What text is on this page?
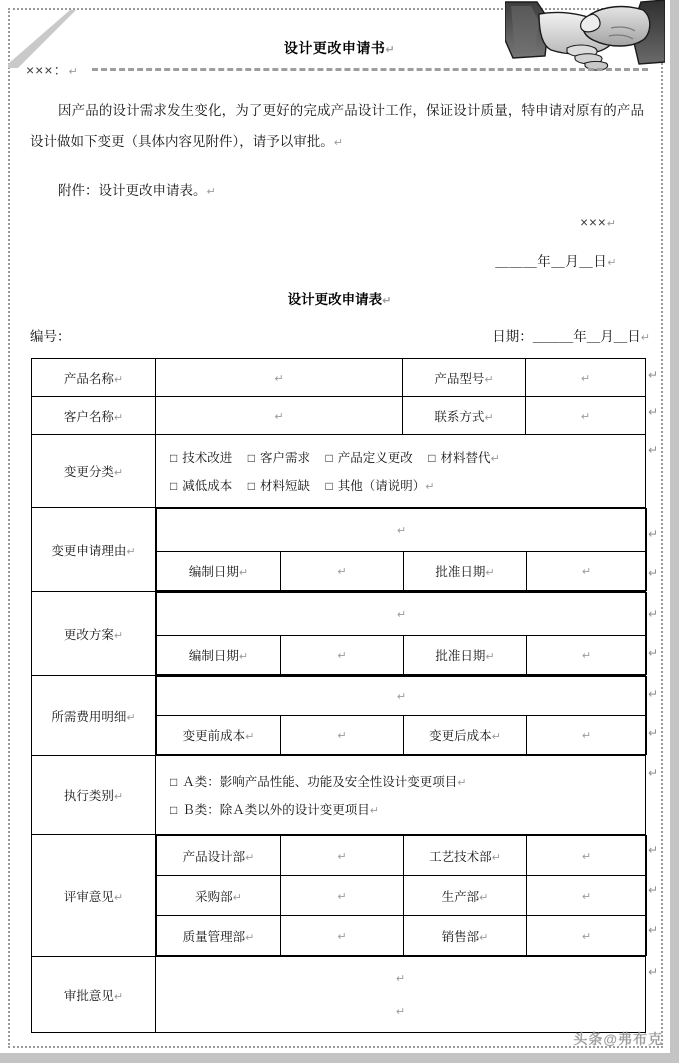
设计更改申请书↵
×××：↵
因产品的设计需求发生变化，为了更好的完成产品设计工作，保证设计质量，特申请对原有的产品设计做如下变更（具体内容见附件），请予以审批。↵
附件：设计更改申请表。↵
×××↵
＿＿＿年＿月＿日↵
设计更改申请表↵
编号：	日期：＿＿＿年＿月＿日↵
产品名称↵	↵	产品型号↵	↵
客户名称↵	↵	联系方式↵	↵
变更分类↵	
□ 技术改进 □ 客户需求 □ 产品定义更改 □ 材料替代↵
□ 减低成本 □ 材料短缺 □ 其他（请说明）↵

变更申请理由↵	
↵
编制日期↵	↵	批准日期↵	↵

更改方案↵	
↵
编制日期↵	↵	批准日期↵	↵

所需费用明细↵	
↵
变更前成本↵	↵	变更后成本↵	↵

执行类别↵	
□ Ａ类：影响产品性能、功能及安全性设计变更项目↵
□ Ｂ类：除Ａ类以外的设计变更项目↵

评审意见↵	
产品设计部↵	↵	工艺技术部↵	↵
采购部↵	↵	生产部↵	↵
质量管理部↵	↵	销售部↵	↵

审批意见↵	
↵
↵
↵
↵
↵
↵
↵
↵
↵
↵
↵
↵
↵
↵
↵
↵
头条@弗布克
